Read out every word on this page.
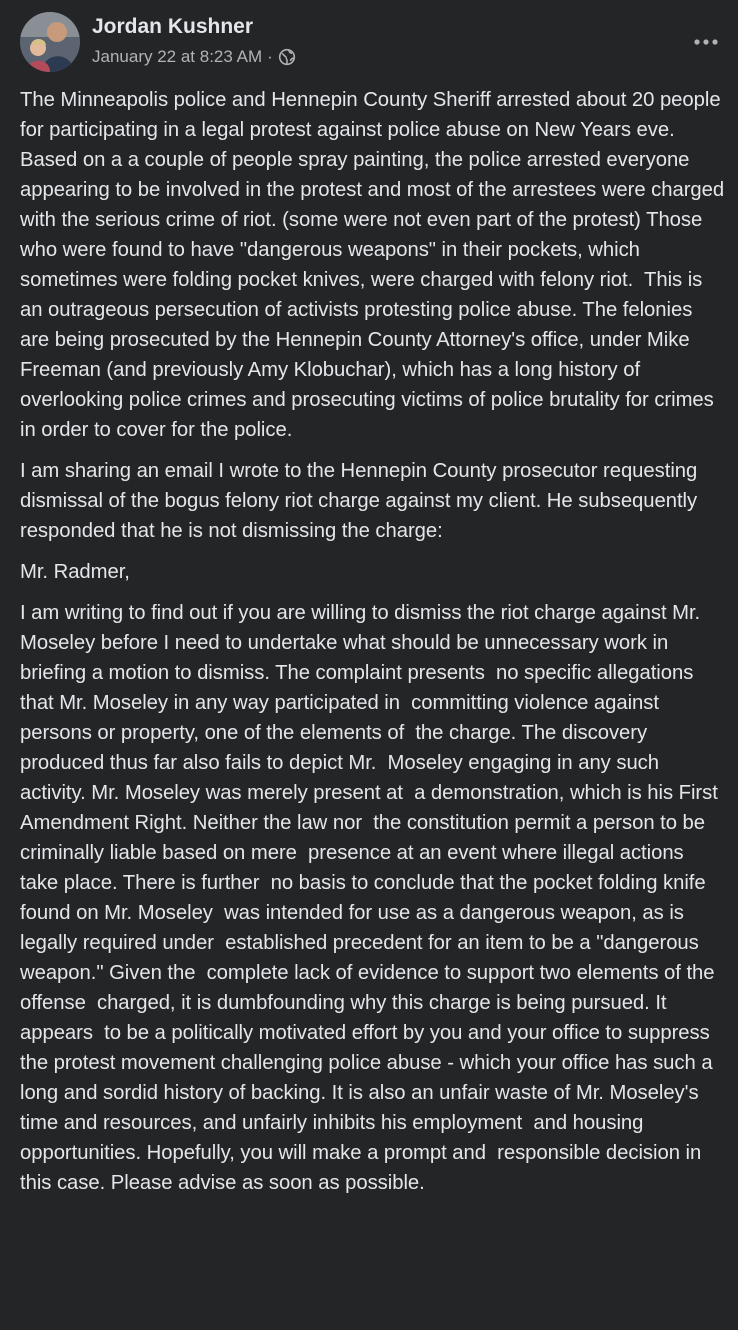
Jordan Kushner
January 22 at 8:23 AM ·

The Minneapolis police and Hennepin County Sheriff arrested about 20 people for participating in a legal protest against police abuse on New Years eve. Based on a a couple of people spray painting, the police arrested everyone appearing to be involved in the protest and most of the arrestees were charged with the serious crime of riot. (some were not even part of the protest) Those who were found to have "dangerous weapons" in their pockets, which sometimes were folding pocket knives, were charged with felony riot.  This is an outrageous persecution of activists protesting police abuse. The felonies are being prosecuted by the Hennepin County Attorney's office, under Mike Freeman (and previously Amy Klobuchar), which has a long history of overlooking police crimes and prosecuting victims of police brutality for crimes in order to cover for the police.

I am sharing an email I wrote to the Hennepin County prosecutor requesting dismissal of the bogus felony riot charge against my client. He subsequently responded that he is not dismissing the charge:

Mr. Radmer,

I am writing to find out if you are willing to dismiss the riot charge against Mr. Moseley before I need to undertake what should be unnecessary work in briefing a motion to dismiss. The complaint presents  no specific allegations that Mr. Moseley in any way participated in  committing violence against persons or property, one of the elements of  the charge. The discovery produced thus far also fails to depict Mr.  Moseley engaging in any such activity. Mr. Moseley was merely present at  a demonstration, which is his First Amendment Right. Neither the law nor  the constitution permit a person to be criminally liable based on mere  presence at an event where illegal actions take place. There is further  no basis to conclude that the pocket folding knife found on Mr. Moseley  was intended for use as a dangerous weapon, as is legally required under  established precedent for an item to be a "dangerous weapon." Given the  complete lack of evidence to support two elements of the offense  charged, it is dumbfounding why this charge is being pursued. It appears  to be a politically motivated effort by you and your office to suppress  the protest movement challenging police abuse - which your office has such a long and sordid history of backing. It is also an unfair waste of Mr. Moseley's time and resources, and unfairly inhibits his employment  and housing opportunities. Hopefully, you will make a prompt and  responsible decision in this case. Please advise as soon as possible.
